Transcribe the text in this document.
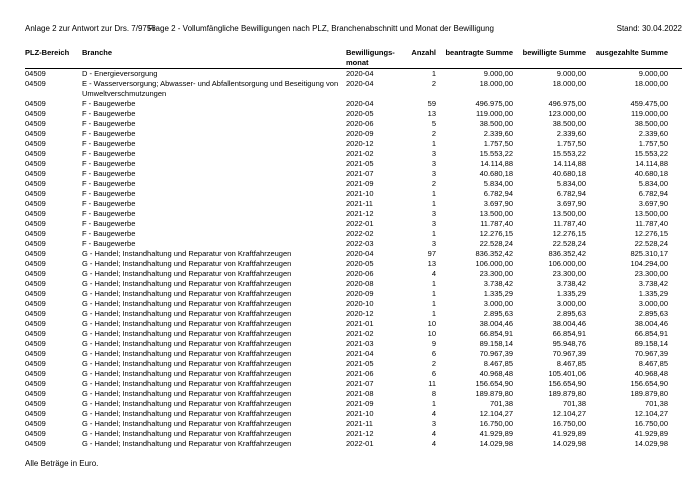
Anlage 2 zur Antwort zur Drs. 7/9756
Frage 2 - Vollumfängliche Bewilligungen nach PLZ, Branchenabschnitt und Monat der Bewilligung	Stand: 30.04.2022
PLZ-Bereich	Branche	Bewilligungs-
monat	Anzahl	beantragte Summe	bewilligte Summe	ausgezahlte Summe
04509	D - Energieversorgung	2020-04	1	9.000,00	9.000,00	9.000,00
04509	E - Wasserversorgung; Abwasser- und Abfallentsorgung und Beseitigung von Umweltverschmutzungen	2020-04	2	18.000,00	18.000,00	18.000,00
04509	F - Baugewerbe	2020-04	59	496.975,00	496.975,00	459.475,00
04509	F - Baugewerbe	2020-05	13	119.000,00	123.000,00	119.000,00
04509	F - Baugewerbe	2020-06	5	38.500,00	38.500,00	38.500,00
04509	F - Baugewerbe	2020-09	2	2.339,60	2.339,60	2.339,60
04509	F - Baugewerbe	2020-12	1	1.757,50	1.757,50	1.757,50
04509	F - Baugewerbe	2021-02	3	15.553,22	15.553,22	15.553,22
04509	F - Baugewerbe	2021-05	3	14.114,88	14.114,88	14.114,88
04509	F - Baugewerbe	2021-07	3	40.680,18	40.680,18	40.680,18
04509	F - Baugewerbe	2021-09	2	5.834,00	5.834,00	5.834,00
04509	F - Baugewerbe	2021-10	1	6.782,94	6.782,94	6.782,94
04509	F - Baugewerbe	2021-11	1	3.697,90	3.697,90	3.697,90
04509	F - Baugewerbe	2021-12	3	13.500,00	13.500,00	13.500,00
04509	F - Baugewerbe	2022-01	3	11.787,40	11.787,40	11.787,40
04509	F - Baugewerbe	2022-02	1	12.276,15	12.276,15	12.276,15
04509	F - Baugewerbe	2022-03	3	22.528,24	22.528,24	22.528,24
04509	G - Handel; Instandhaltung und Reparatur von Kraftfahrzeugen	2020-04	97	836.352,42	836.352,42	825.310,17
04509	G - Handel; Instandhaltung und Reparatur von Kraftfahrzeugen	2020-05	13	106.000,00	106.000,00	104.294,00
04509	G - Handel; Instandhaltung und Reparatur von Kraftfahrzeugen	2020-06	4	23.300,00	23.300,00	23.300,00
04509	G - Handel; Instandhaltung und Reparatur von Kraftfahrzeugen	2020-08	1	3.738,42	3.738,42	3.738,42
04509	G - Handel; Instandhaltung und Reparatur von Kraftfahrzeugen	2020-09	1	1.335,29	1.335,29	1.335,29
04509	G - Handel; Instandhaltung und Reparatur von Kraftfahrzeugen	2020-10	1	3.000,00	3.000,00	3.000,00
04509	G - Handel; Instandhaltung und Reparatur von Kraftfahrzeugen	2020-12	1	2.895,63	2.895,63	2.895,63
04509	G - Handel; Instandhaltung und Reparatur von Kraftfahrzeugen	2021-01	10	38.004,46	38.004,46	38.004,46
04509	G - Handel; Instandhaltung und Reparatur von Kraftfahrzeugen	2021-02	10	66.854,91	66.854,91	66.854,91
04509	G - Handel; Instandhaltung und Reparatur von Kraftfahrzeugen	2021-03	9	89.158,14	95.948,76	89.158,14
04509	G - Handel; Instandhaltung und Reparatur von Kraftfahrzeugen	2021-04	6	70.967,39	70.967,39	70.967,39
04509	G - Handel; Instandhaltung und Reparatur von Kraftfahrzeugen	2021-05	2	8.467,85	8.467,85	8.467,85
04509	G - Handel; Instandhaltung und Reparatur von Kraftfahrzeugen	2021-06	6	40.968,48	105.401,06	40.968,48
04509	G - Handel; Instandhaltung und Reparatur von Kraftfahrzeugen	2021-07	11	156.654,90	156.654,90	156.654,90
04509	G - Handel; Instandhaltung und Reparatur von Kraftfahrzeugen	2021-08	8	189.879,80	189.879,80	189.879,80
04509	G - Handel; Instandhaltung und Reparatur von Kraftfahrzeugen	2021-09	1	701,38	701,38	701,38
04509	G - Handel; Instandhaltung und Reparatur von Kraftfahrzeugen	2021-10	4	12.104,27	12.104,27	12.104,27
04509	G - Handel; Instandhaltung und Reparatur von Kraftfahrzeugen	2021-11	3	16.750,00	16.750,00	16.750,00
04509	G - Handel; Instandhaltung und Reparatur von Kraftfahrzeugen	2021-12	4	41.929,89	41.929,89	41.929,89
04509	G - Handel; Instandhaltung und Reparatur von Kraftfahrzeugen	2022-01	4	14.029,98	14.029,98	14.029,98
Alle Beträge in Euro.
